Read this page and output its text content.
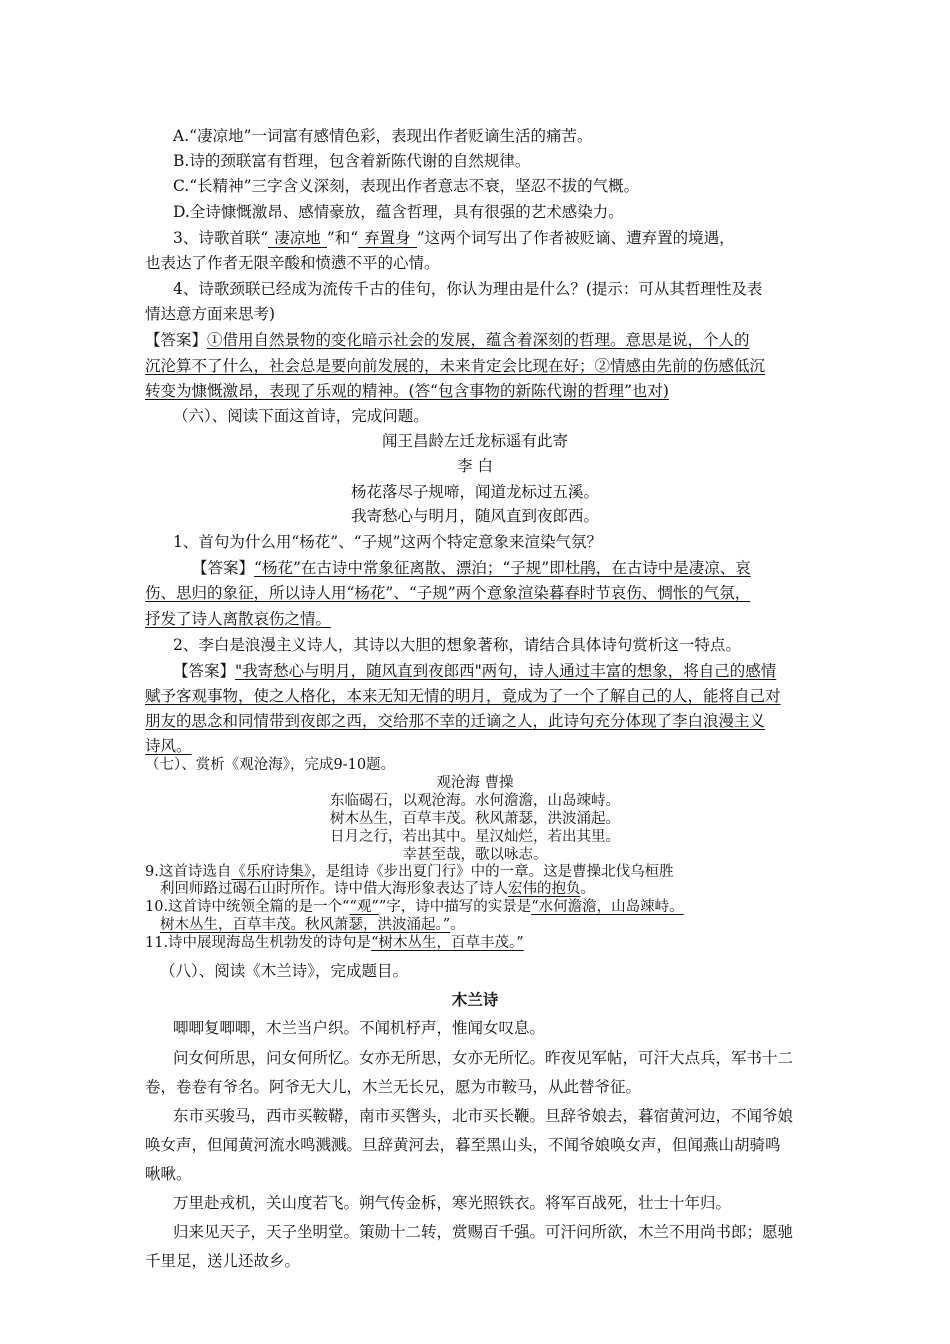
A.“凄凉地”一词富有感情色彩，表现出作者贬谪生活的痛苦。
B.诗的颈联富有哲理，包含着新陈代谢的自然规律。
C.“长精神”三字含义深刻，表现出作者意志不衰，坚忍不拔的气概。
D.全诗慷慨激昂、感情豪放，蕴含哲理，具有很强的艺术感染力。
3、诗歌首联“ 凄凉地 ”和“ 弃置身 ”这两个词写出了作者被贬谪、遭弃置的境遇，
也表达了作者无限辛酸和愤懑不平的心情。
4、诗歌颈联已经成为流传千古的佳句，你认为理由是什么？(提示：可从其哲理性及表
情达意方面来思考)
【答案】①借用自然景物的变化暗示社会的发展，蕴含着深刻的哲理。意思是说，个人的
沉沦算不了什么，社会总是要向前发展的，未来肯定会比现在好；②情感由先前的伤感低沉
转变为慷慨激昂，表现了乐观的精神。(答“包含事物的新陈代谢的哲理”也对)
（六）、阅读下面这首诗，完成问题。
闻王昌龄左迁龙标遥有此寄
李 白
杨花落尽子规啼，闻道龙标过五溪。
我寄愁心与明月，随风直到夜郎西。
1、首句为什么用“杨花”、“子规”这两个特定意象来渲染气氛？
【答案】“杨花”在古诗中常象征离散、漂泊；“子规”即杜鹃，在古诗中是凄凉、哀
伤、思归的象征，所以诗人用“杨花”、“子规”两个意象渲染暮春时节哀伤、惆怅的气氛，
抒发了诗人离散哀伤之情。
2、李白是浪漫主义诗人，其诗以大胆的想象著称，请结合具体诗句赏析这一特点。
【答案】"我寄愁心与明月，随风直到夜郎西"两句，诗人通过丰富的想象，将自己的感情
赋予客观事物，使之人格化，本来无知无情的明月，竟成为了一个了解自己的人，能将自己对
朋友的思念和同情带到夜郎之西，交给那不幸的迁谪之人，此诗句充分体现了李白浪漫主义
诗风。
（七）、赏析《观沧海》，完成9-10题。
观沧海 曹操
东临碣石，以观沧海。水何澹澹，山岛竦峙。
树木丛生，百草丰茂。秋风萧瑟，洪波涌起。
日月之行，若出其中。星汉灿烂，若出其里。
幸甚至哉，歌以咏志。
9.这首诗选自《乐府诗集》，是组诗《步出夏门行》中的一章。这是曹操北伐乌桓胜
利回师路过碣石山时所作。诗中借大海形象表达了诗人宏伟的抱负。
10.这首诗中统领全篇的是一个““观””字，诗中描写的实景是“水何澹澹，山岛竦峙。
树木丛生，百草丰茂。秋风萧瑟，洪波涌起。”。
11.诗中展现海岛生机勃发的诗句是“树木丛生，百草丰茂。”
（八）、阅读《木兰诗》，完成题目。
木兰诗
唧唧复唧唧，木兰当户织。不闻机杼声，惟闻女叹息。
问女何所思，问女何所忆。女亦无所思，女亦无所忆。昨夜见军帖，可汗大点兵，军书十二
卷，卷卷有爷名。阿爷无大儿，木兰无长兄，愿为市鞍马，从此替爷征。
东市买骏马，西市买鞍鞯，南市买辔头，北市买长鞭。旦辞爷娘去，暮宿黄河边，不闻爷娘
唤女声，但闻黄河流水鸣溅溅。旦辞黄河去，暮至黑山头，不闻爷娘唤女声，但闻燕山胡骑鸣
啾啾。
万里赴戎机，关山度若飞。朔气传金柝，寒光照铁衣。将军百战死，壮士十年归。
归来见天子，天子坐明堂。策勋十二转，赏赐百千强。可汗问所欲，木兰不用尚书郎；愿驰
千里足，送儿还故乡。
